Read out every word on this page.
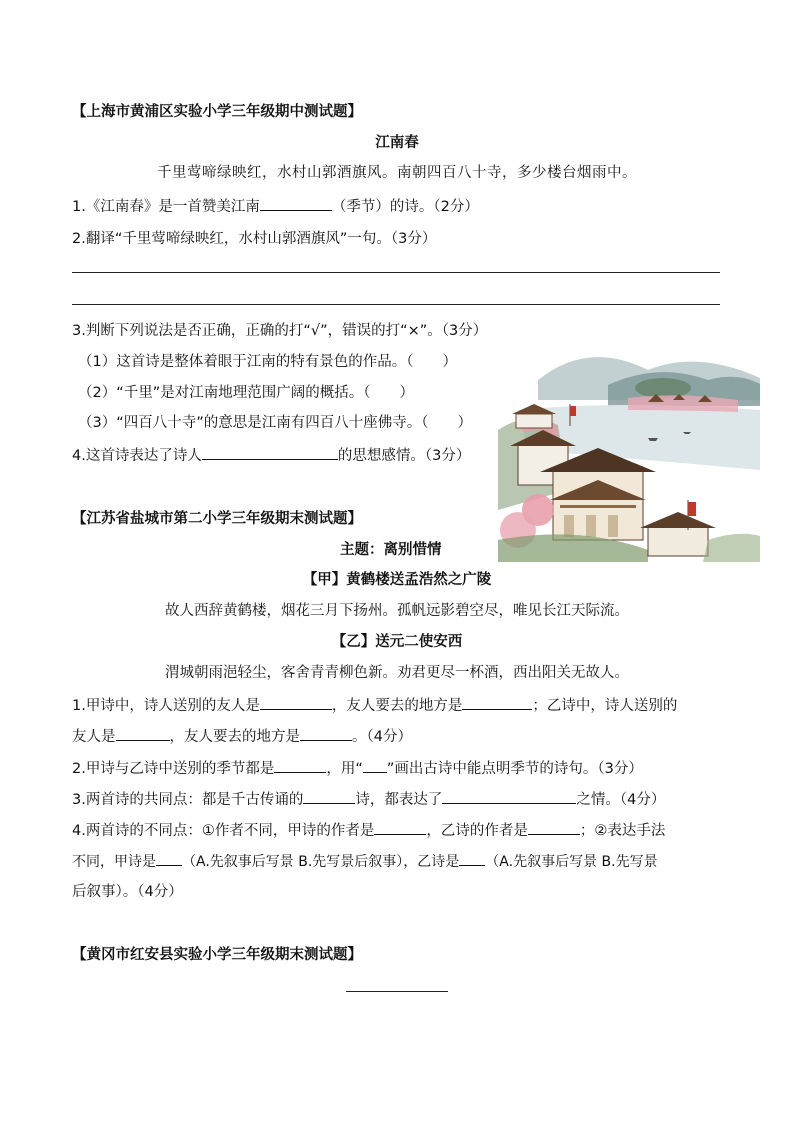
【上海市黄浦区实验小学三年级期中测试题】
江南春
千里莺啼绿映红，水村山郭酒旗风。南朝四百八十寺，多少楼台烟雨中。
1.《江南春》是一首赞美江南	（季节）的诗。（2分）
2.翻译“千里莺啼绿映红，水村山郭酒旗风”一句。（3分）
3.判断下列说法是否正确，正确的打“√”，错误的打“×”。（3分）
（1）这首诗是整体着眼于江南的特有景色的作品。（　　）
（2）“千里”是对江南地理范围广阔的概括。（　　）
（3）“四百八十寺”的意思是江南有四百八十座佛寺。（　　）
4.这首诗表达了诗人	的思想感情。（3分）
【江苏省盐城市第二小学三年级期末测试题】
主题：离别惜情
【甲】黄鹤楼送孟浩然之广陵
故人西辞黄鹤楼，烟花三月下扬州。孤帆远影碧空尽，唯见长江天际流。
【乙】送元二使安西
渭城朝雨浥轻尘，客舍青青柳色新。劝君更尽一杯酒，西出阳关无故人。
1.甲诗中，诗人送别的友人是	，友人要去的地方是	；乙诗中，诗人送别的
友人是	，友人要去的地方是	。（4分）
2.甲诗与乙诗中送别的季节都是	，用“ ”画出古诗中能点明季节的诗句。（3分）
3.两首诗的共同点：都是千古传诵的	诗，都表达了	之情。（4分）
4.两首诗的不同点：①作者不同，甲诗的作者是	，乙诗的作者是	；②表达手法
不同，甲诗是 （A.先叙事后写景 B.先写景后叙事），乙诗是 （A.先叙事后写景 B.先写景
后叙事）。（4分）
【黄冈市红安县实验小学三年级期末测试题】
